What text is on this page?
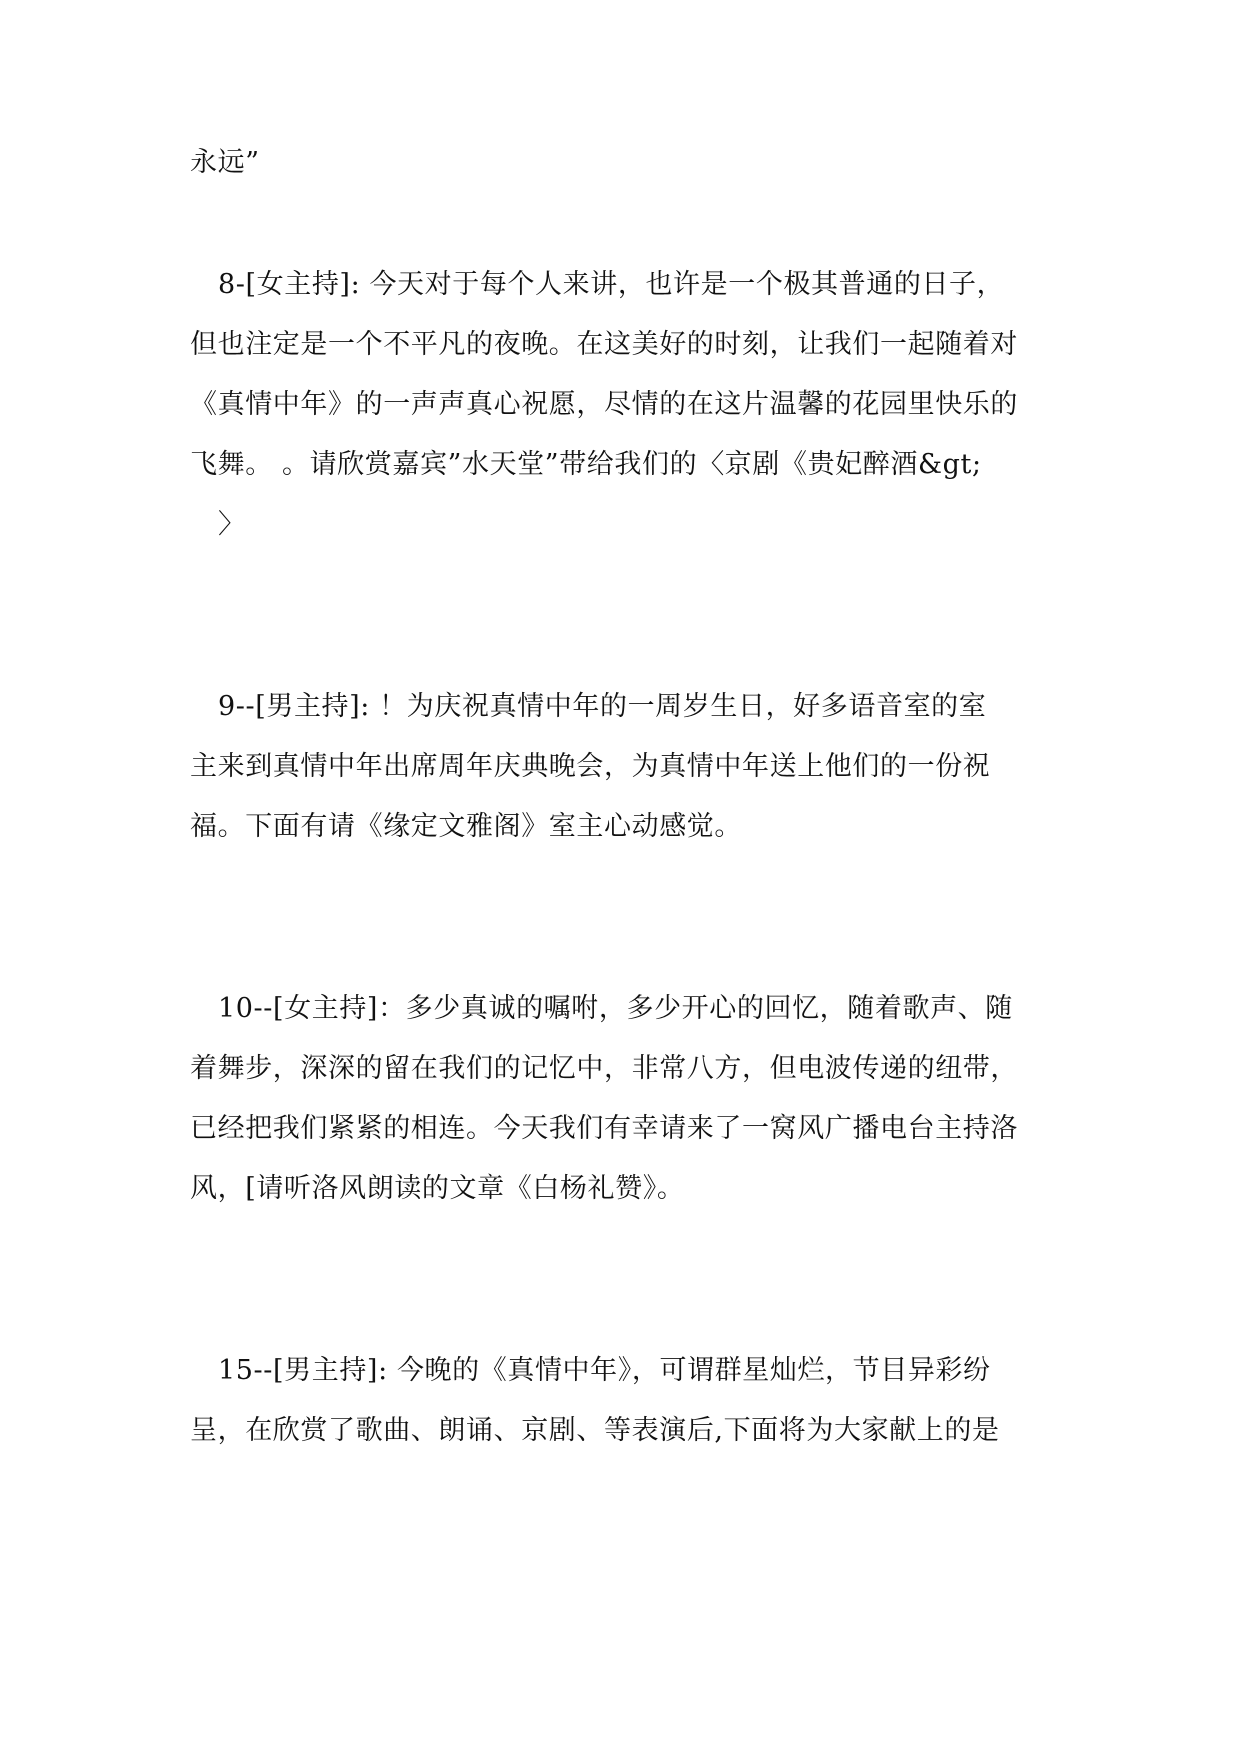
永远”
8-[女主持]: 今天对于每个人来讲，也许是一个极其普通的日子，
但也注定是一个不平凡的夜晚。在这美好的时刻，让我们一起随着对
《真情中年》的一声声真心祝愿，尽情的在这片温馨的花园里快乐的
飞舞。 。请欣赏嘉宾”水天堂”带给我们的〈京剧《贵妃醉酒&gt;
〉
9--[男主持]: ！为庆祝真情中年的一周岁生日，好多语音室的室
主来到真情中年出席周年庆典晚会，为真情中年送上他们的一份祝
福。下面有请《缘定文雅阁》室主心动感觉。
10--[女主持]：多少真诚的嘱咐，多少开心的回忆，随着歌声、随
着舞步，深深的留在我们的记忆中，非常八方，但电波传递的纽带，
已经把我们紧紧的相连。今天我们有幸请来了一窝风广播电台主持洛
风，[请听洛风朗读的文章《白杨礼赞》。
15--[男主持]: 今晚的《真情中年》，可谓群星灿烂，节目异彩纷
呈，在欣赏了歌曲、朗诵、京剧、等表演后,下面将为大家献上的是
